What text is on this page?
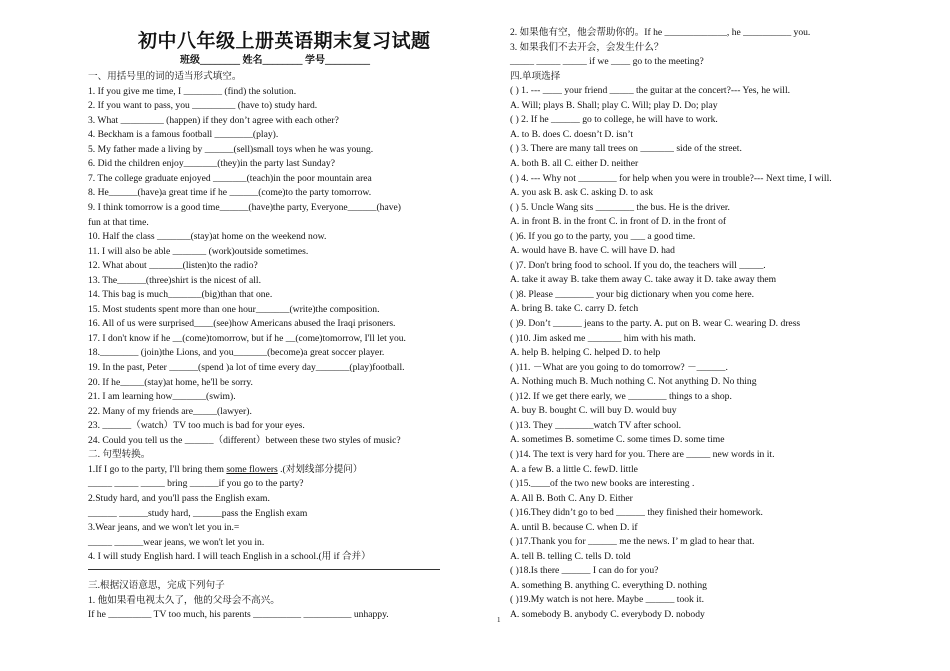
初中八年级上册英语期末复习试题
班级________ 姓名________ 学号_________
一、用括号里的词的适当形式填空。
1. If you give me time, I ________ (find) the solution.
2. If you want to pass, you _________ (have to) study hard.
3. What _________ (happen) if they don’t agree with each other?
4. Beckham is a famous football ________(play).
5. My father made a living by ______(sell)small toys when he was young.
6. Did the children enjoy_______(they)in the party last Sunday?
7. The college graduate enjoyed _______(teach)in the poor mountain area
8. He______(have)a great time if he ______(come)to the party tomorrow.
9. I think tomorrow is a good time______(have)the party, Everyone______(have)
fun at that time.
10. Half the class _______(stay)at home on the weekend now.
11. I will also be able _______ (work)outside sometimes.
12. What about _______(listen)to the radio?
13. The______(three)shirt is the nicest of all.
14. This bag is much_______(big)than that one.
15. Most students spent more than one hour_______(write)the composition.
16. All of us were surprised____(see)how Americans abused the Iraqi prisoners.
17. I don't know if he __(come)tomorrow, but if he __(come)tomorrow, I'll let you.
18.________ (join)the Lions, and you_______(become)a great soccer player.
19. In the past, Peter ______(spend )a lot of time every day_______(play)football.
20. If he_____(stay)at home, he'll be sorry.
21. I am learning how_______(swim).
22. Many of my friends are_____(lawyer).
23. ______（watch）TV too much is bad for your eyes.
24. Could you tell us the ______（different）between these two styles of music?
二. 句型转换。
1.If I go to the party, I'll bring them some flowers .(对划线部分提问）
_____ _____ _____ bring ______if you go to the party?
2.Study hard, and you'll pass the English exam.
______ ______study hard, ______pass the English exam
3.Wear jeans, and we won't let you in.=
_____ ______wear jeans, we won't let you in.
4. I will study English hard. I will teach English in a school.(用 if 合并）
三.根据汉语意思，完成下列句子
1. 他如果看电视太久了，他的父母会不高兴。
If he _________ TV too much, his parents __________ __________ unhappy.
2. 如果他有空，他会帮助你的。If he _____________, he __________ you.
3. 如果我们不去开会，会发生什么？
_____ _____ _____ if we ____ go to the meeting?
四.单项选择
( ) 1. --- ____ your friend _____ the guitar at the concert?--- Yes, he will.
A. Will; plays B. Shall; play C. Will; play D. Do; play
( ) 2. If he ______ go to college, he will have to work.
A. to B. does C. doesn’t D. isn’t
( ) 3. There are many tall trees on _______ side of the street.
A. both B. all C. either D. neither
( ) 4. --- Why not ________ for help when you were in trouble?--- Next time, I will.
A. you ask B. ask C. asking D. to ask
( ) 5. Uncle Wang sits ________ the bus. He is the driver.
A. in front B. in the front C. in front of D. in the front of
( )6. If you go to the party, you ___ a good time.
A. would have B. have C. will have D. had
( )7. Don't bring food to school. If you do, the teachers will _____.
A. take it away B. take them away C. take away it D. take away them
( )8. Please ________ your big dictionary when you come here.
A. bring B. take C. carry D. fetch
( )9. Don’t ______ jeans to the party. A. put on B. wear C. wearing D. dress
( )10. Jim asked me _______ him with his math.
A. help B. helping C. helped D. to help
( )11. －What are you going to do tomorrow? －______.
A. Nothing much B. Much nothing C. Not anything D. No thing
( )12. If we get there early, we ________ things to a shop.
A. buy B. bought C. will buy D. would buy
( )13. They ________watch TV after school.
A. sometimes B. sometime C. some times D. some time
( )14. The text is very hard for you. There are _____ new words in it.
A. a few B. a little C. fewD. little
( )15.____of the two new books are interesting .
A. All B. Both C. Any D. Either
( )16.They didn’t go to bed ______ they finished their homework.
A. until B. because C. when D. if
( )17.Thank you for ______ me the news. I’ m glad to hear that.
A. tell B. telling C. tells D. told
( )18.Is there ______ I can do for you?
A. something B. anything C. everything D. nothing
( )19.My watch is not here. Maybe ______ took it.
A. somebody B. anybody C. everybody D. nobody
1
